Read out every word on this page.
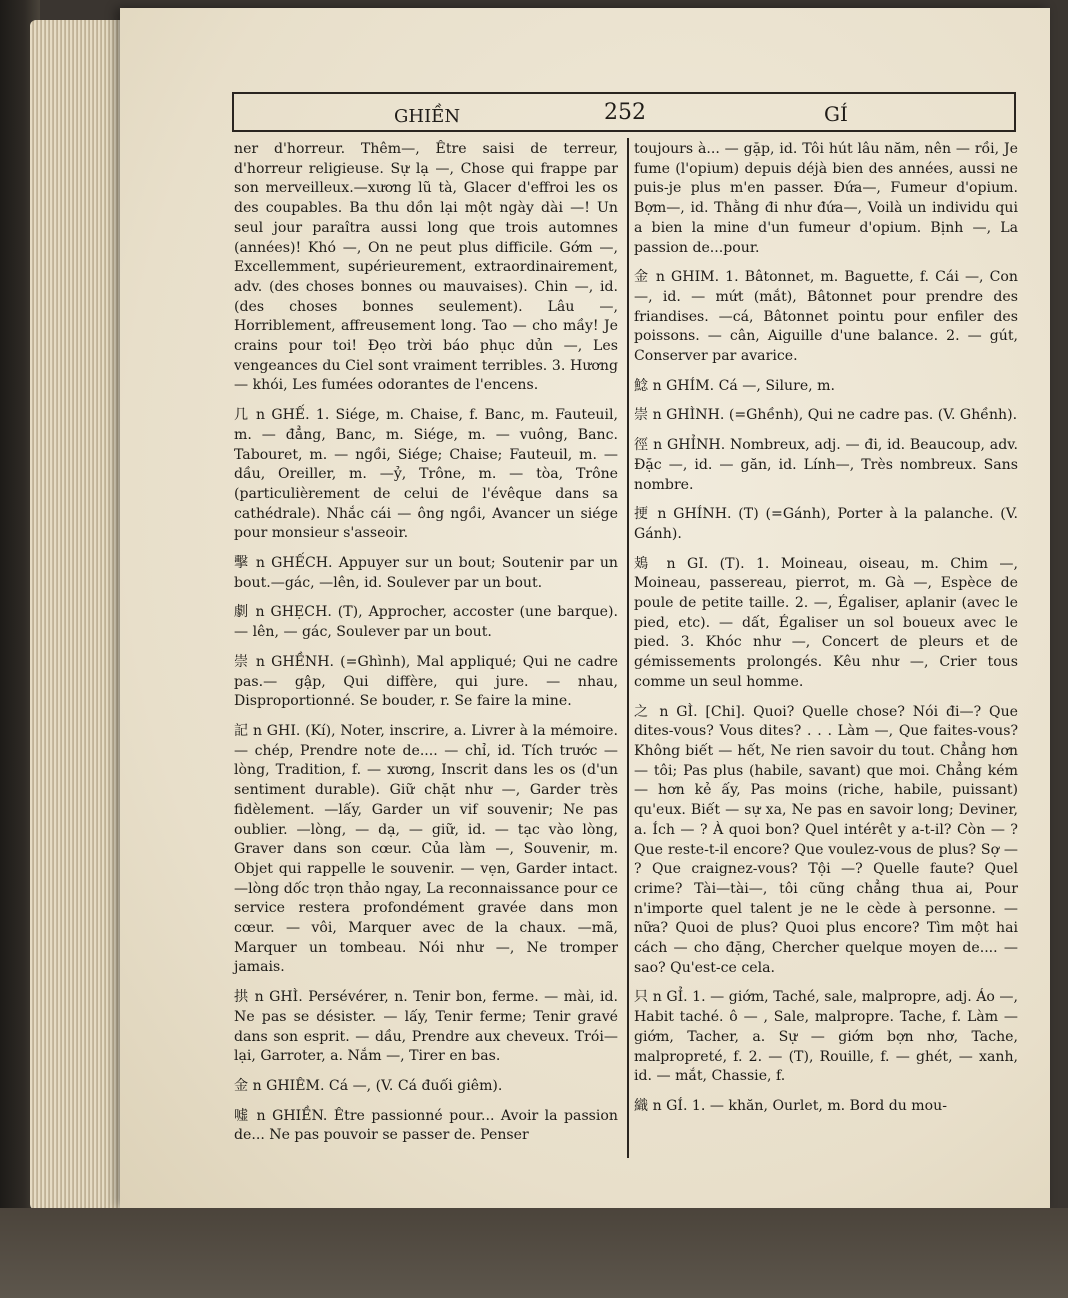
GHIỀN	252	GÍ

ner d'horreur. Thêm—, Être saisi de terreur, d'horreur religieuse. Sự lạ —, Chose qui frappe par son merveilleux.—xương lũ tà, Glacer d'effroi les os des coupables. Ba thu dồn lại một ngày dài —! Un seul jour paraîtra aussi long que trois automnes (années)! Khó —, On ne peut plus difficile. Gớm —, Excellemment, supérieurement, extraordinairement, adv. (des choses bonnes ou mauvaises). Chin —, id. (des choses bonnes seulement). Lâu —, Horriblement, affreusement long. Tao — cho mầy! Je crains pour toi! Đẹo trời báo phục dủn —, Les vengeances du Ciel sont vraiment terribles. 3. Hương — khói, Les fumées odorantes de l'encens.

几 n GHẾ. 1. Siége, m. Chaise, f. Banc, m. Fauteuil, m. — đẳng, Banc, m. Siége, m. — vuông, Banc. Tabouret, m. — ngồi, Siége; Chaise; Fauteuil, m. — dầu, Oreiller, m. —ỷ, Trône, m. — tòa, Trône (particulièrement de celui de l'évêque dans sa cathédrale). Nhắc cái — ông ngồi, Avancer un siége pour monsieur s'asseoir.

擊 n GHẾCH. Appuyer sur un bout; Soutenir par un bout.—gác, —lên, id. Soulever par un bout.

劇 n GHẸCH. (T), Approcher, accoster (une barque). — lên, — gác, Soulever par un bout.

崇 n GHỀNH. (=Ghình), Mal appliqué; Qui ne cadre pas.— gập, Qui diffère, qui jure. — nhau, Disproportionné. Se bouder, r. Se faire la mine.

記 n GHI. (Kí), Noter, inscrire, a. Livrer à la mémoire. — chép, Prendre note de.... — chỉ, id. Tích trước — lòng, Tradition, f. — xương, Inscrit dans les os (d'un sentiment durable). Giữ chặt như —, Garder très fidèlement. —lấy, Garder un vif souvenir; Ne pas oublier. —lòng, — dạ, — giữ, id. — tạc vào lòng, Graver dans son cœur. Của làm —, Souvenir, m. Objet qui rappelle le souvenir. — vẹn, Garder intact. —lòng dốc trọn thảo ngay, La reconnaissance pour ce service restera profondément gravée dans mon cœur. — vôi, Marquer avec de la chaux. —mã, Marquer un tombeau. Nói như —, Ne tromper jamais.

拱 n GHÌ. Persévérer, n. Tenir bon, ferme. — mài, id. Ne pas se désister. — lấy, Tenir ferme; Tenir gravé dans son esprit. — dầu, Prendre aux cheveux. Trói—lại, Garroter, a. Nắm —, Tirer en bas.

金 n GHIÊM. Cá —, (V. Cá đuối giêm).

嘘 n GHIỀN. Être passionné pour... Avoir la passion de... Ne pas pouvoir se passer de. Penser

toujours à... — gặp, id. Tôi hút lâu năm, nên — rồi, Je fume (l'opium) depuis déjà bien des années, aussi ne puis-je plus m'en passer. Đứa—, Fumeur d'opium. Bợm—, id. Thằng đi như đứa—, Voilà un individu qui a bien la mine d'un fumeur d'opium. Bịnh —, La passion de...pour.

金 n GHIM. 1. Bâtonnet, m. Baguette, f. Cái —, Con —, id. — mứt (mắt), Bâtonnet pour prendre des friandises. —cá, Bâtonnet pointu pour enfiler des poissons. — cân, Aiguille d'une balance. 2. — gút, Conserver par avarice.

鯰 n GHÍM. Cá —, Silure, m.

崇 n GHÌNH. (=Ghềnh), Qui ne cadre pas. (V. Ghềnh).

徑 n GHỈNH. Nombreux, adj. — đi, id. Beaucoup, adv. Đặc —, id. — găn, id. Lính—, Très nombreux. Sans nombre.

挭 n GHÍNH. (T) (=Gánh), Porter à la palanche. (V. Gánh).

鳷 n GI. (T). 1. Moineau, oiseau, m. Chim —, Moineau, passereau, pierrot, m. Gà —, Espèce de poule de petite taille. 2. —, Égaliser, aplanir (avec le pied, etc). — dất, Égaliser un sol boueux avec le pied. 3. Khóc như —, Concert de pleurs et de gémissements prolongés. Kêu như —, Crier tous comme un seul homme.

之 n GÌ. [Chi]. Quoi? Quelle chose? Nói đi—? Que dites-vous? Vous dites? . . . Làm —, Que faites-vous? Không biết — hết, Ne rien savoir du tout. Chẳng hơn — tôi; Pas plus (habile, savant) que moi. Chẳng kém — hơn kẻ ấy, Pas moins (riche, habile, puissant) qu'eux. Biết — sự xa, Ne pas en savoir long; Deviner, a. Ích — ? À quoi bon? Quel intérêt y a-t-il? Còn — ? Que reste-t-il encore? Que voulez-vous de plus? Sợ — ? Que craignez-vous? Tội —? Quelle faute? Quel crime? Tài—tài—, tôi cũng chẳng thua ai, Pour n'importe quel talent je ne le cède à personne. — nữa? Quoi de plus? Quoi plus encore? Tìm một hai cách — cho đặng, Chercher quelque moyen de.... — sao? Qu'est-ce cela.

只 n GỈ. 1. — giớm, Taché, sale, malpropre, adj. Áo —, Habit taché. ô — , Sale, malpropre. Tache, f. Làm — giớm, Tacher, a. Sự — giớm bợn nhơ, Tache, malpropreté, f. 2. — (T), Rouille, f. — ghét, — xanh, id. — mắt, Chassie, f.

織 n GÍ. 1. — khăn, Ourlet, m. Bord du mou-
